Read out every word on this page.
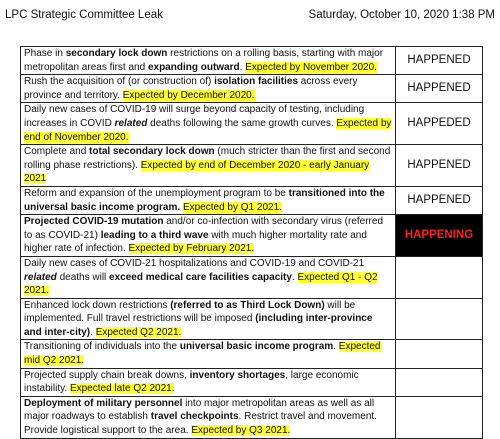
LPC Strategic Committee Leak	Saturday, October 10, 2020 1:38 PM
Phase in secondary lock down restrictions on a rolling basis, starting with major metropolitan areas first and expanding outward. Expected by November 2020.	HAPPENED
Rush the acquisition of (or construction of) isolation facilities across every province and territory. Expected by December 2020.	HAPPENED
Daily new cases of COVID-19 will surge beyond capacity of testing, including increases in COVID related deaths following the same growth curves. Expected by end of November 2020.	HAPPEDED
Complete and total secondary lock down (much stricter than the first and second rolling phase restrictions). Expected by end of December 2020 - early January 2021	HAPPENED
Reform and expansion of the unemployment program to be transitioned into the universal basic income program. Expected by Q1 2021.	HAPPENED
Projected COVID-19 mutation and/or co-infection with secondary virus (referred to as COVID-21) leading to a third wave with much higher mortality rate and higher rate of infection. Expected by February 2021.	HAPPENING
Daily new cases of COVID-21 hospitalizations and COVID-19 and COVID-21 related deaths will exceed medical care facilities capacity. Expected Q1 - Q2 2021.	
Enhanced lock down restrictions (referred to as Third Lock Down) will be implemented. Full travel restrictions will be imposed (including inter-province and inter-city). Expected Q2 2021.	
Transitioning of individuals into the universal basic income program. Expected mid Q2 2021.	
Projected supply chain break downs, inventory shortages, large economic instability. Expected late Q2 2021.	
Deployment of military personnel into major metropolitan areas as well as all major roadways to establish travel checkpoints. Restrict travel and movement. Provide logistical support to the area. Expected by Q3 2021.	
